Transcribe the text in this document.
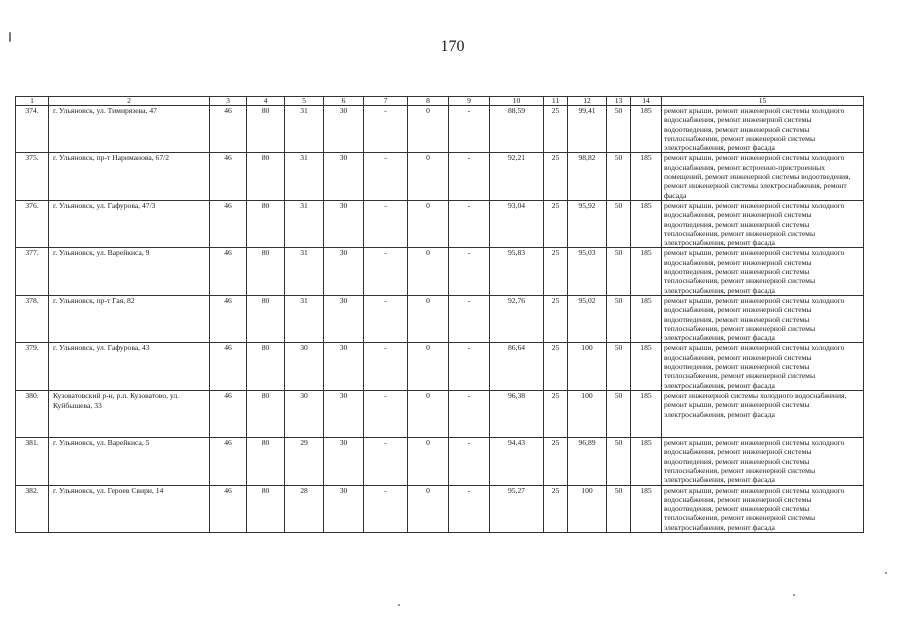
170
1	2	3	4	5	6	7	8	9	10	11	12	13	14	15
374.	г. Ульяновск, ул. Тимирязева, 47	46	80	31	30	-	0	-	88,59	25	99,41	50	185	ремонт крыши, ремонт инженерной системы холодного водоснабжения, ремонт инженерной системы водоотведения, ремонт инженерной системы теплоснабжения, ремонт инженерной системы электроснабжения, ремонт фасада
375.	г. Ульяновск, пр-т Нариманова, 67/2	46	80	31	30	-	0	-	92,21	25	98,82	50	185	ремонт крыши, ремонт инженерной системы холодного водоснабжения, ремонт встроенно-пристроенных помещений, ремонт инженерной системы водоотведения, ремонт инженерной системы электроснабжения, ремонт фасада
376.	г. Ульяновск, ул. Гафурова, 47/3	46	80	31	30	-	0	-	93,04	25	95,92	50	185	ремонт крыши, ремонт инженерной системы холодного водоснабжения, ремонт инженерной системы водоотведения, ремонт инженерной системы теплоснабжения, ремонт инженерной системы электроснабжения, ремонт фасада
377.	г. Ульяновск, ул. Варейкиса, 9	46	80	31	30	-	0	-	95,83	25	95,03	50	185	ремонт крыши, ремонт инженерной системы холодного водоснабжения, ремонт инженерной системы водоотведения, ремонт инженерной системы теплоснабжения, ремонт инженерной системы электроснабжения, ремонт фасада
378.	г. Ульяновск, пр-т Гая, 82	46	80	31	30	-	0	-	92,76	25	95,02	50	185	ремонт крыши, ремонт инженерной системы холодного водоснабжения, ремонт инженерной системы водоотведения, ремонт инженерной системы теплоснабжения, ремонт инженерной системы электроснабжения, ремонт фасада
379.	г. Ульяновск, ул. Гафурова, 43	46	80	30	30	-	0	-	86,64	25	100	50	185	ремонт крыши, ремонт инженерной системы холодного водоснабжения, ремонт инженерной системы водоотведения, ремонт инженерной системы теплоснабжения, ремонт инженерной системы электроснабжения, ремонт фасада
380.	Кузоватовский р-н, р.п. Кузоватово, ул. Куйбышева, 33	46	80	30	30	-	0	-	96,38	25	100	50	185	ремонт инженерной системы холодного водоснабжения, ремонт крыши, ремонт инженерной системы электроснабжения, ремонт фасада
381.	г. Ульяновск, ул. Варейкиса, 5	46	80	29	30	-	0	-	94,43	25	96,89	50	185	ремонт крыши, ремонт инженерной системы холодного водоснабжения, ремонт инженерной системы водоотведения, ремонт инженерной системы теплоснабжения, ремонт инженерной системы электроснабжения, ремонт фасада
382.	г. Ульяновск, ул. Героев Свири, 14	46	80	28	30	-	0	-	95,27	25	100	50	185	ремонт крыши, ремонт инженерной системы холодного водоснабжения, ремонт инженерной системы водоотведения, ремонт инженерной системы теплоснабжения, ремонт инженерной системы электроснабжения, ремонт фасада
